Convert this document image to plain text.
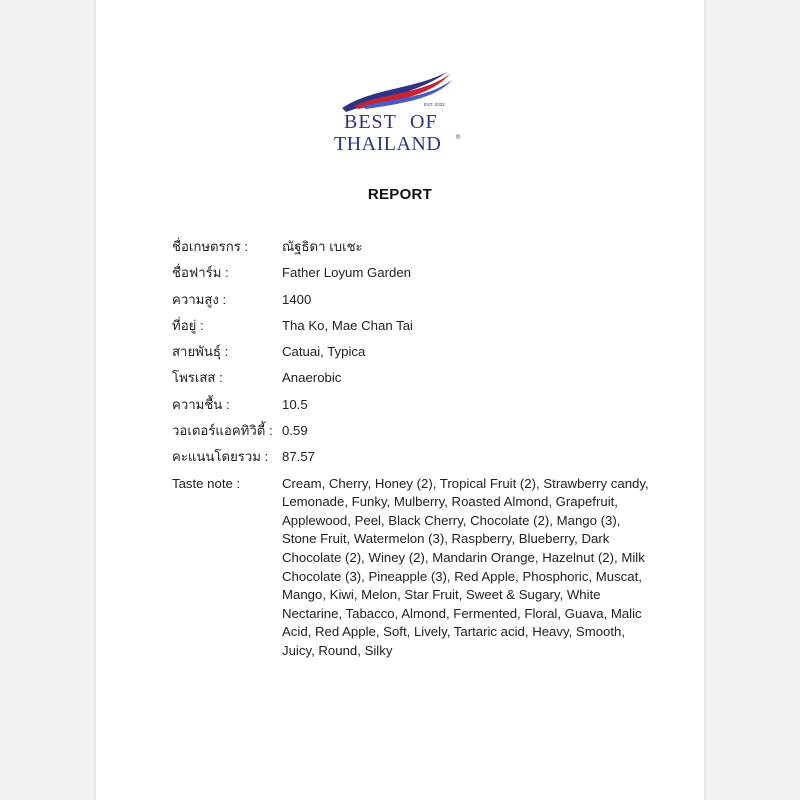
EST. 2022
BEST OF
THAILAND ®
REPORT
ชื่อเกษตรกร :	ณัฐธิดา เบเชะ
ชื่อฟาร์ม :	Father Loyum Garden
ความสูง :	1400
ที่อยู่ :	Tha Ko, Mae Chan Tai
สายพันธุ์ :	Catuai, Typica
โพรเสส :	Anaerobic
ความชื้น :	10.5
วอเตอร์แอคทิวิตี้ : 0.59
คะแนนโดยรวม :	87.57
Taste note :	Cream, Cherry, Honey (2), Tropical Fruit (2), Strawberry candy, Lemonade, Funky, Mulberry, Roasted Almond, Grapefruit, Applewood, Peel, Black Cherry, Chocolate (2), Mango (3), Stone Fruit, Watermelon (3), Raspberry, Blueberry, Dark Chocolate (2), Winey (2), Mandarin Orange, Hazelnut (2), Milk Chocolate (3), Pineapple (3), Red Apple, Phosphoric, Muscat, Mango, Kiwi, Melon, Star Fruit, Sweet & Sugary, White Nectarine, Tabacco, Almond, Fermented, Floral, Guava, Malic Acid, Red Apple, Soft, Lively, Tartaric acid, Heavy, Smooth, Juicy, Round, Silky
